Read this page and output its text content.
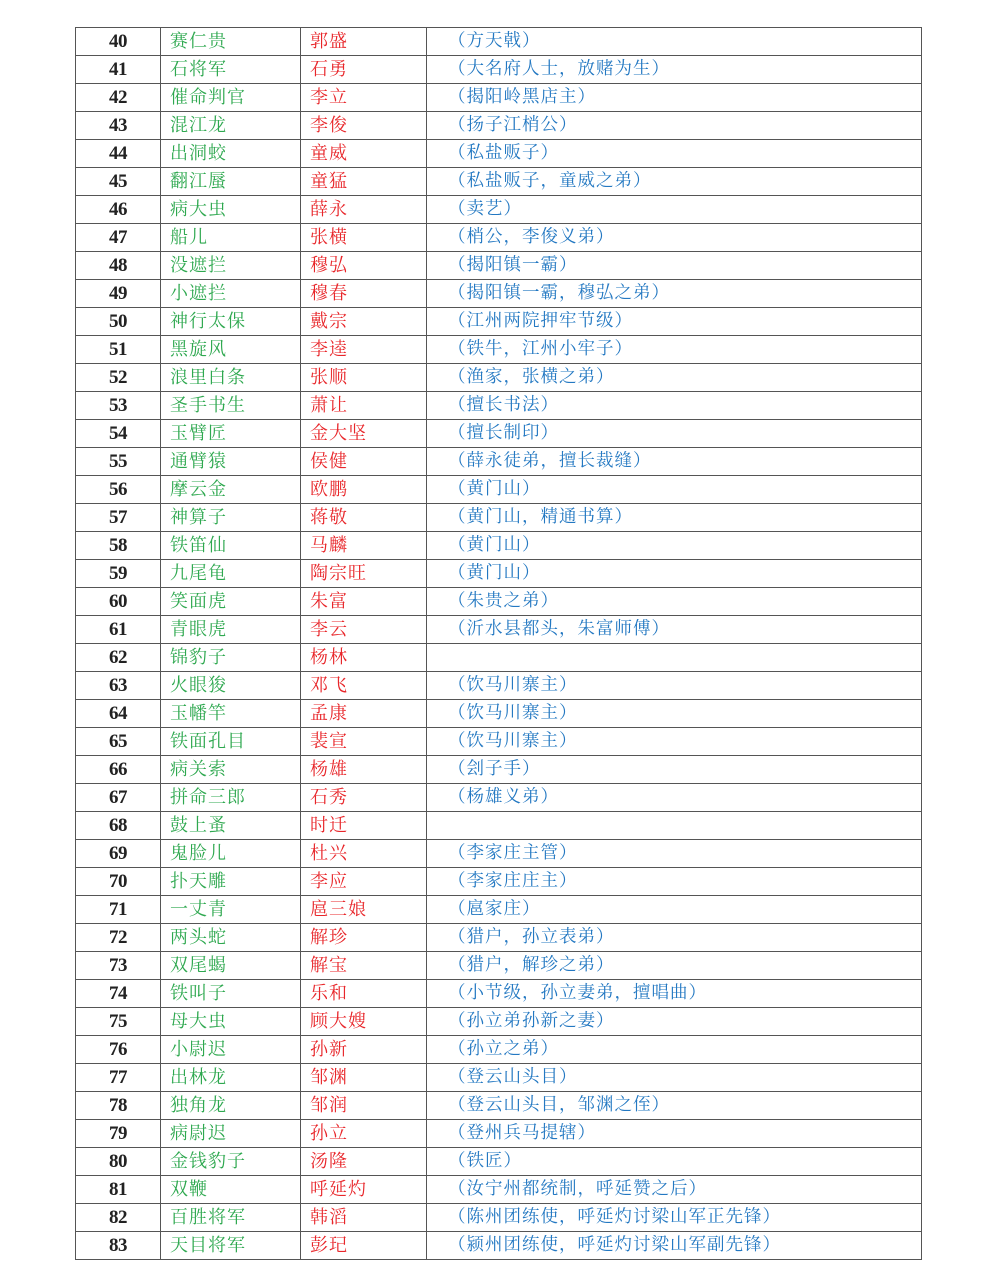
40	赛仁贵	郭盛	（方天戟）
41	石将军	石勇	（大名府人士，放赌为生）
42	催命判官	李立	（揭阳岭黑店主）
43	混江龙	李俊	（扬子江梢公）
44	出洞蛟	童威	（私盐贩子）
45	翻江蜃	童猛	（私盐贩子，童威之弟）
46	病大虫	薛永	（卖艺）
47	船儿	张横	（梢公，李俊义弟）
48	没遮拦	穆弘	（揭阳镇一霸）
49	小遮拦	穆春	（揭阳镇一霸，穆弘之弟）
50	神行太保	戴宗	（江州两院押牢节级）
51	黑旋风	李逵	（铁牛，江州小牢子）
52	浪里白条	张顺	（渔家，张横之弟）
53	圣手书生	萧让	（擅长书法）
54	玉臂匠	金大坚	（擅长制印）
55	通臂猿	侯健	（薛永徒弟，擅长裁缝）
56	摩云金	欧鹏	（黄门山）
57	神算子	蒋敬	（黄门山，精通书算）
58	铁笛仙	马麟	（黄门山）
59	九尾龟	陶宗旺	（黄门山）
60	笑面虎	朱富	（朱贵之弟）
61	青眼虎	李云	（沂水县都头，朱富师傅）
62	锦豹子	杨林	
63	火眼狻	邓飞	（饮马川寨主）
64	玉幡竿	孟康	（饮马川寨主）
65	铁面孔目	裴宣	（饮马川寨主）
66	病关索	杨雄	（刽子手）
67	拼命三郎	石秀	（杨雄义弟）
68	鼓上蚤	时迁	
69	鬼脸儿	杜兴	（李家庄主管）
70	扑天雕	李应	（李家庄庄主）
71	一丈青	扈三娘	（扈家庄）
72	两头蛇	解珍	（猎户，孙立表弟）
73	双尾蝎	解宝	（猎户，解珍之弟）
74	铁叫子	乐和	（小节级，孙立妻弟，擅唱曲）
75	母大虫	顾大嫂	（孙立弟孙新之妻）
76	小尉迟	孙新	（孙立之弟）
77	出林龙	邹渊	（登云山头目）
78	独角龙	邹润	（登云山头目，邹渊之侄）
79	病尉迟	孙立	（登州兵马提辖）
80	金钱豹子	汤隆	（铁匠）
81	双鞭	呼延灼	（汝宁州都统制，呼延赞之后）
82	百胜将军	韩滔	（陈州团练使，呼延灼讨梁山军正先锋）
83	天目将军	彭玘	（颍州团练使，呼延灼讨梁山军副先锋）
